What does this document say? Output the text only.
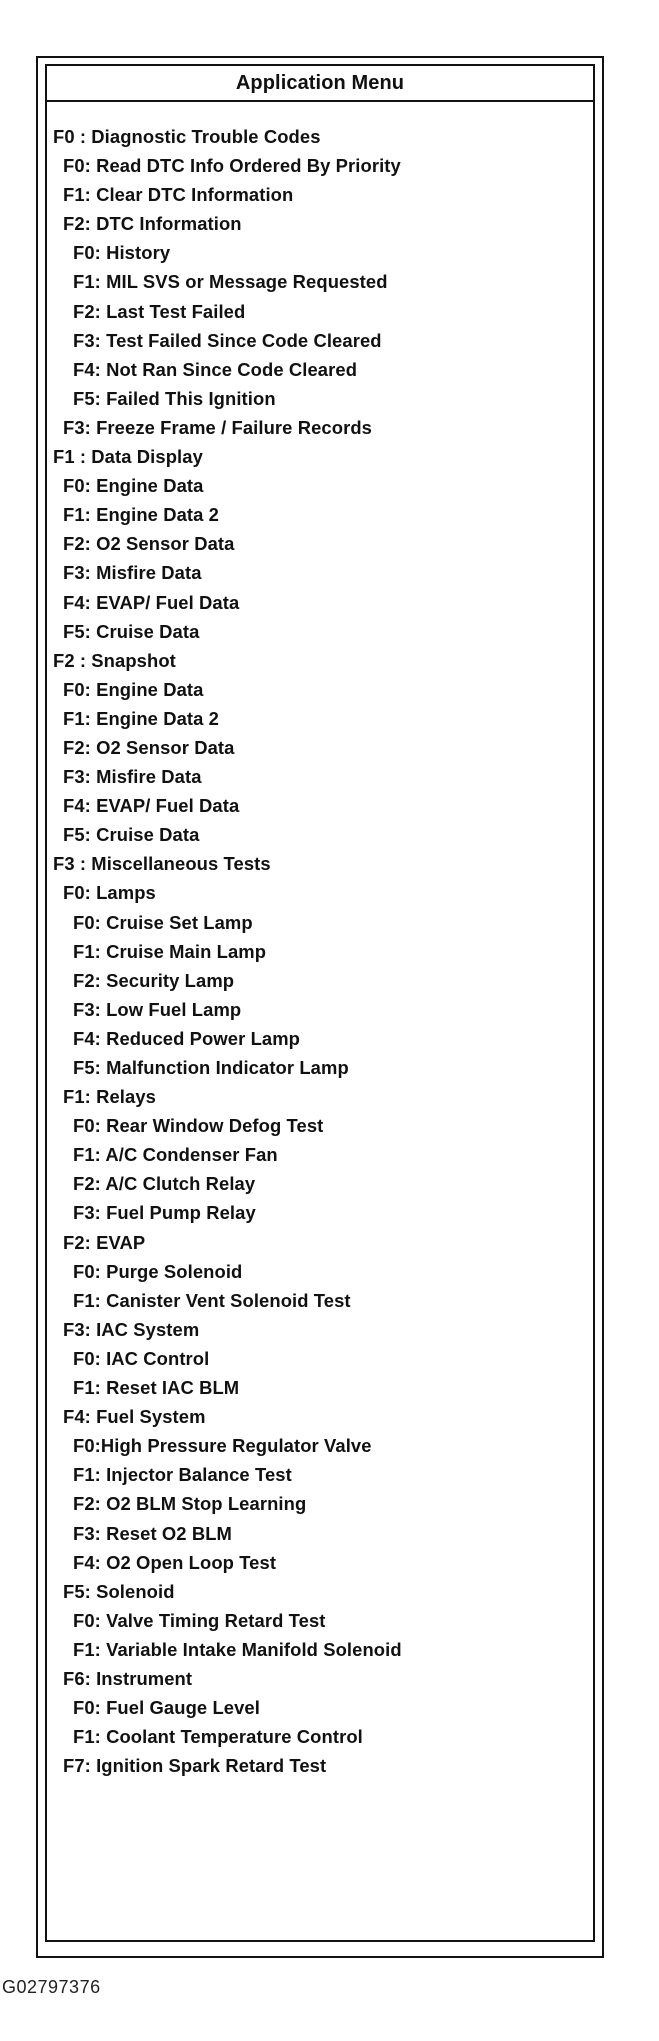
Application Menu
F0 : Diagnostic Trouble Codes
F0: Read DTC Info Ordered By Priority
F1: Clear DTC Information
F2: DTC Information
F0: History
F1: MIL SVS or Message Requested
F2: Last Test Failed
F3: Test Failed Since Code Cleared
F4: Not Ran Since Code Cleared
F5: Failed This Ignition
F3: Freeze Frame / Failure Records
F1 : Data Display
F0: Engine Data
F1: Engine Data 2
F2: O2 Sensor Data
F3: Misfire Data
F4: EVAP/ Fuel Data
F5: Cruise Data
F2 : Snapshot
F0: Engine Data
F1: Engine Data 2
F2: O2 Sensor Data
F3: Misfire Data
F4: EVAP/ Fuel Data
F5: Cruise Data
F3 : Miscellaneous Tests
F0: Lamps
F0: Cruise Set Lamp
F1: Cruise Main Lamp
F2: Security Lamp
F3: Low Fuel Lamp
F4: Reduced Power Lamp
F5: Malfunction Indicator Lamp
F1: Relays
F0: Rear Window Defog Test
F1: A/C Condenser Fan
F2: A/C Clutch Relay
F3: Fuel Pump Relay
F2: EVAP
F0: Purge Solenoid
F1: Canister Vent Solenoid Test
F3: IAC System
F0: IAC Control
F1: Reset IAC BLM
F4: Fuel System
F0:High Pressure Regulator Valve
F1: Injector Balance Test
F2: O2 BLM Stop Learning
F3: Reset O2 BLM
F4: O2 Open Loop Test
F5: Solenoid
F0: Valve Timing Retard Test
F1: Variable Intake Manifold Solenoid
F6: Instrument
F0: Fuel Gauge Level
F1: Coolant Temperature Control
F7: Ignition Spark Retard Test
G02797376
